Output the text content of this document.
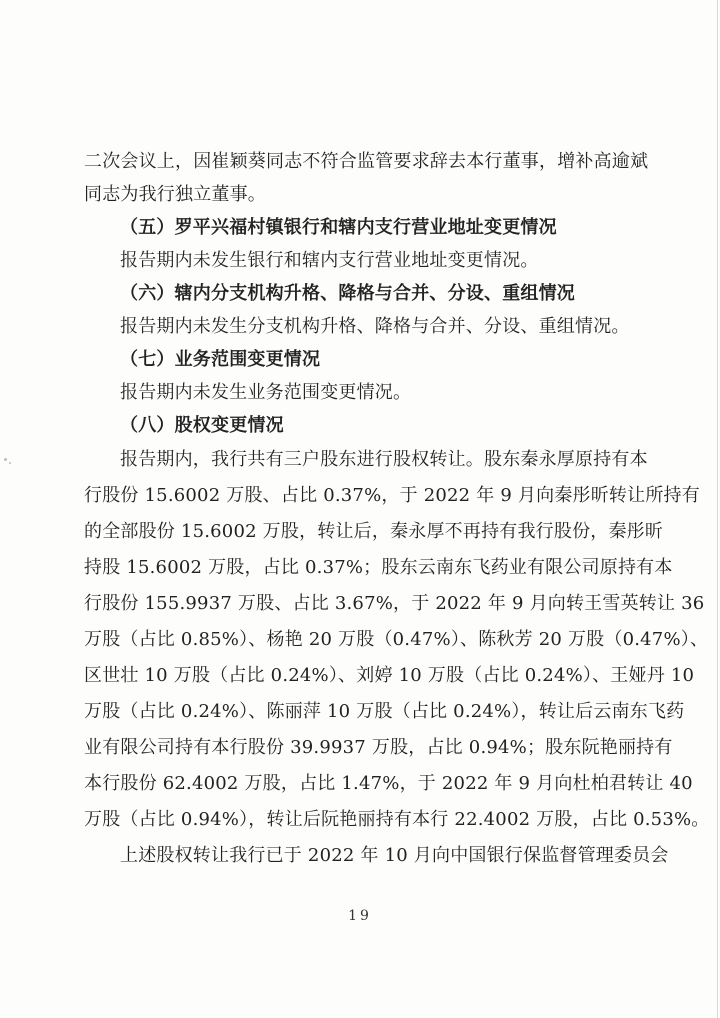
二次会议上，因崔颖葵同志不符合监管要求辞去本行董事，增补高逾斌
同志为我行独立董事。
（五）罗平兴福村镇银行和辖内支行营业地址变更情况
报告期内未发生银行和辖内支行营业地址变更情况。
（六）辖内分支机构升格、降格与合并、分设、重组情况
报告期内未发生分支机构升格、降格与合并、分设、重组情况。
（七）业务范围变更情况
报告期内未发生业务范围变更情况。
（八）股权变更情况
报告期内，我行共有三户股东进行股权转让。股东秦永厚原持有本
行股份 15.6002 万股、占比 0.37%，于 2022 年 9 月向秦彤昕转让所持有
的全部股份 15.6002 万股，转让后，秦永厚不再持有我行股份，秦彤昕
持股 15.6002 万股，占比 0.37%；股东云南东飞药业有限公司原持有本
行股份 155.9937 万股、占比 3.67%，于 2022 年 9 月向转王雪英转让 36
万股（占比 0.85%）、杨艳 20 万股（0.47%）、陈秋芳 20 万股（0.47%）、
区世壮 10 万股（占比 0.24%）、刘婷 10 万股（占比 0.24%）、王娅丹 10
万股（占比 0.24%）、陈丽萍 10 万股（占比 0.24%），转让后云南东飞药
业有限公司持有本行股份 39.9937 万股，占比 0.94%；股东阮艳丽持有
本行股份 62.4002 万股，占比 1.47%，于 2022 年 9 月向杜柏君转让 40
万股（占比 0.94%），转让后阮艳丽持有本行 22.4002 万股，占比 0.53%。
上述股权转让我行已于 2022 年 10 月向中国银行保监督管理委员会
19
